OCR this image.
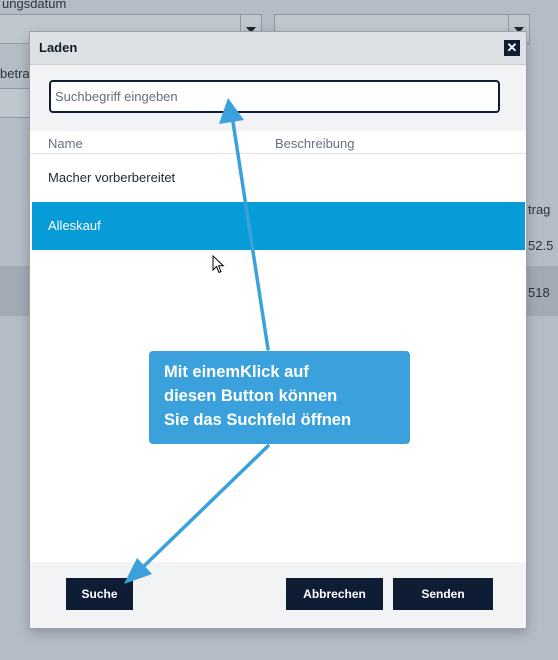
ungsdatum
betra
trag
52.5
518
Laden	✕
Suchbegriff eingeben
Name	Beschreibung
Macher vorberbereitet
Alleskauf
Suche	Abbrechen	Senden
Mit einemKlick auf
diesen Button können
Sie das Suchfeld öffnen
